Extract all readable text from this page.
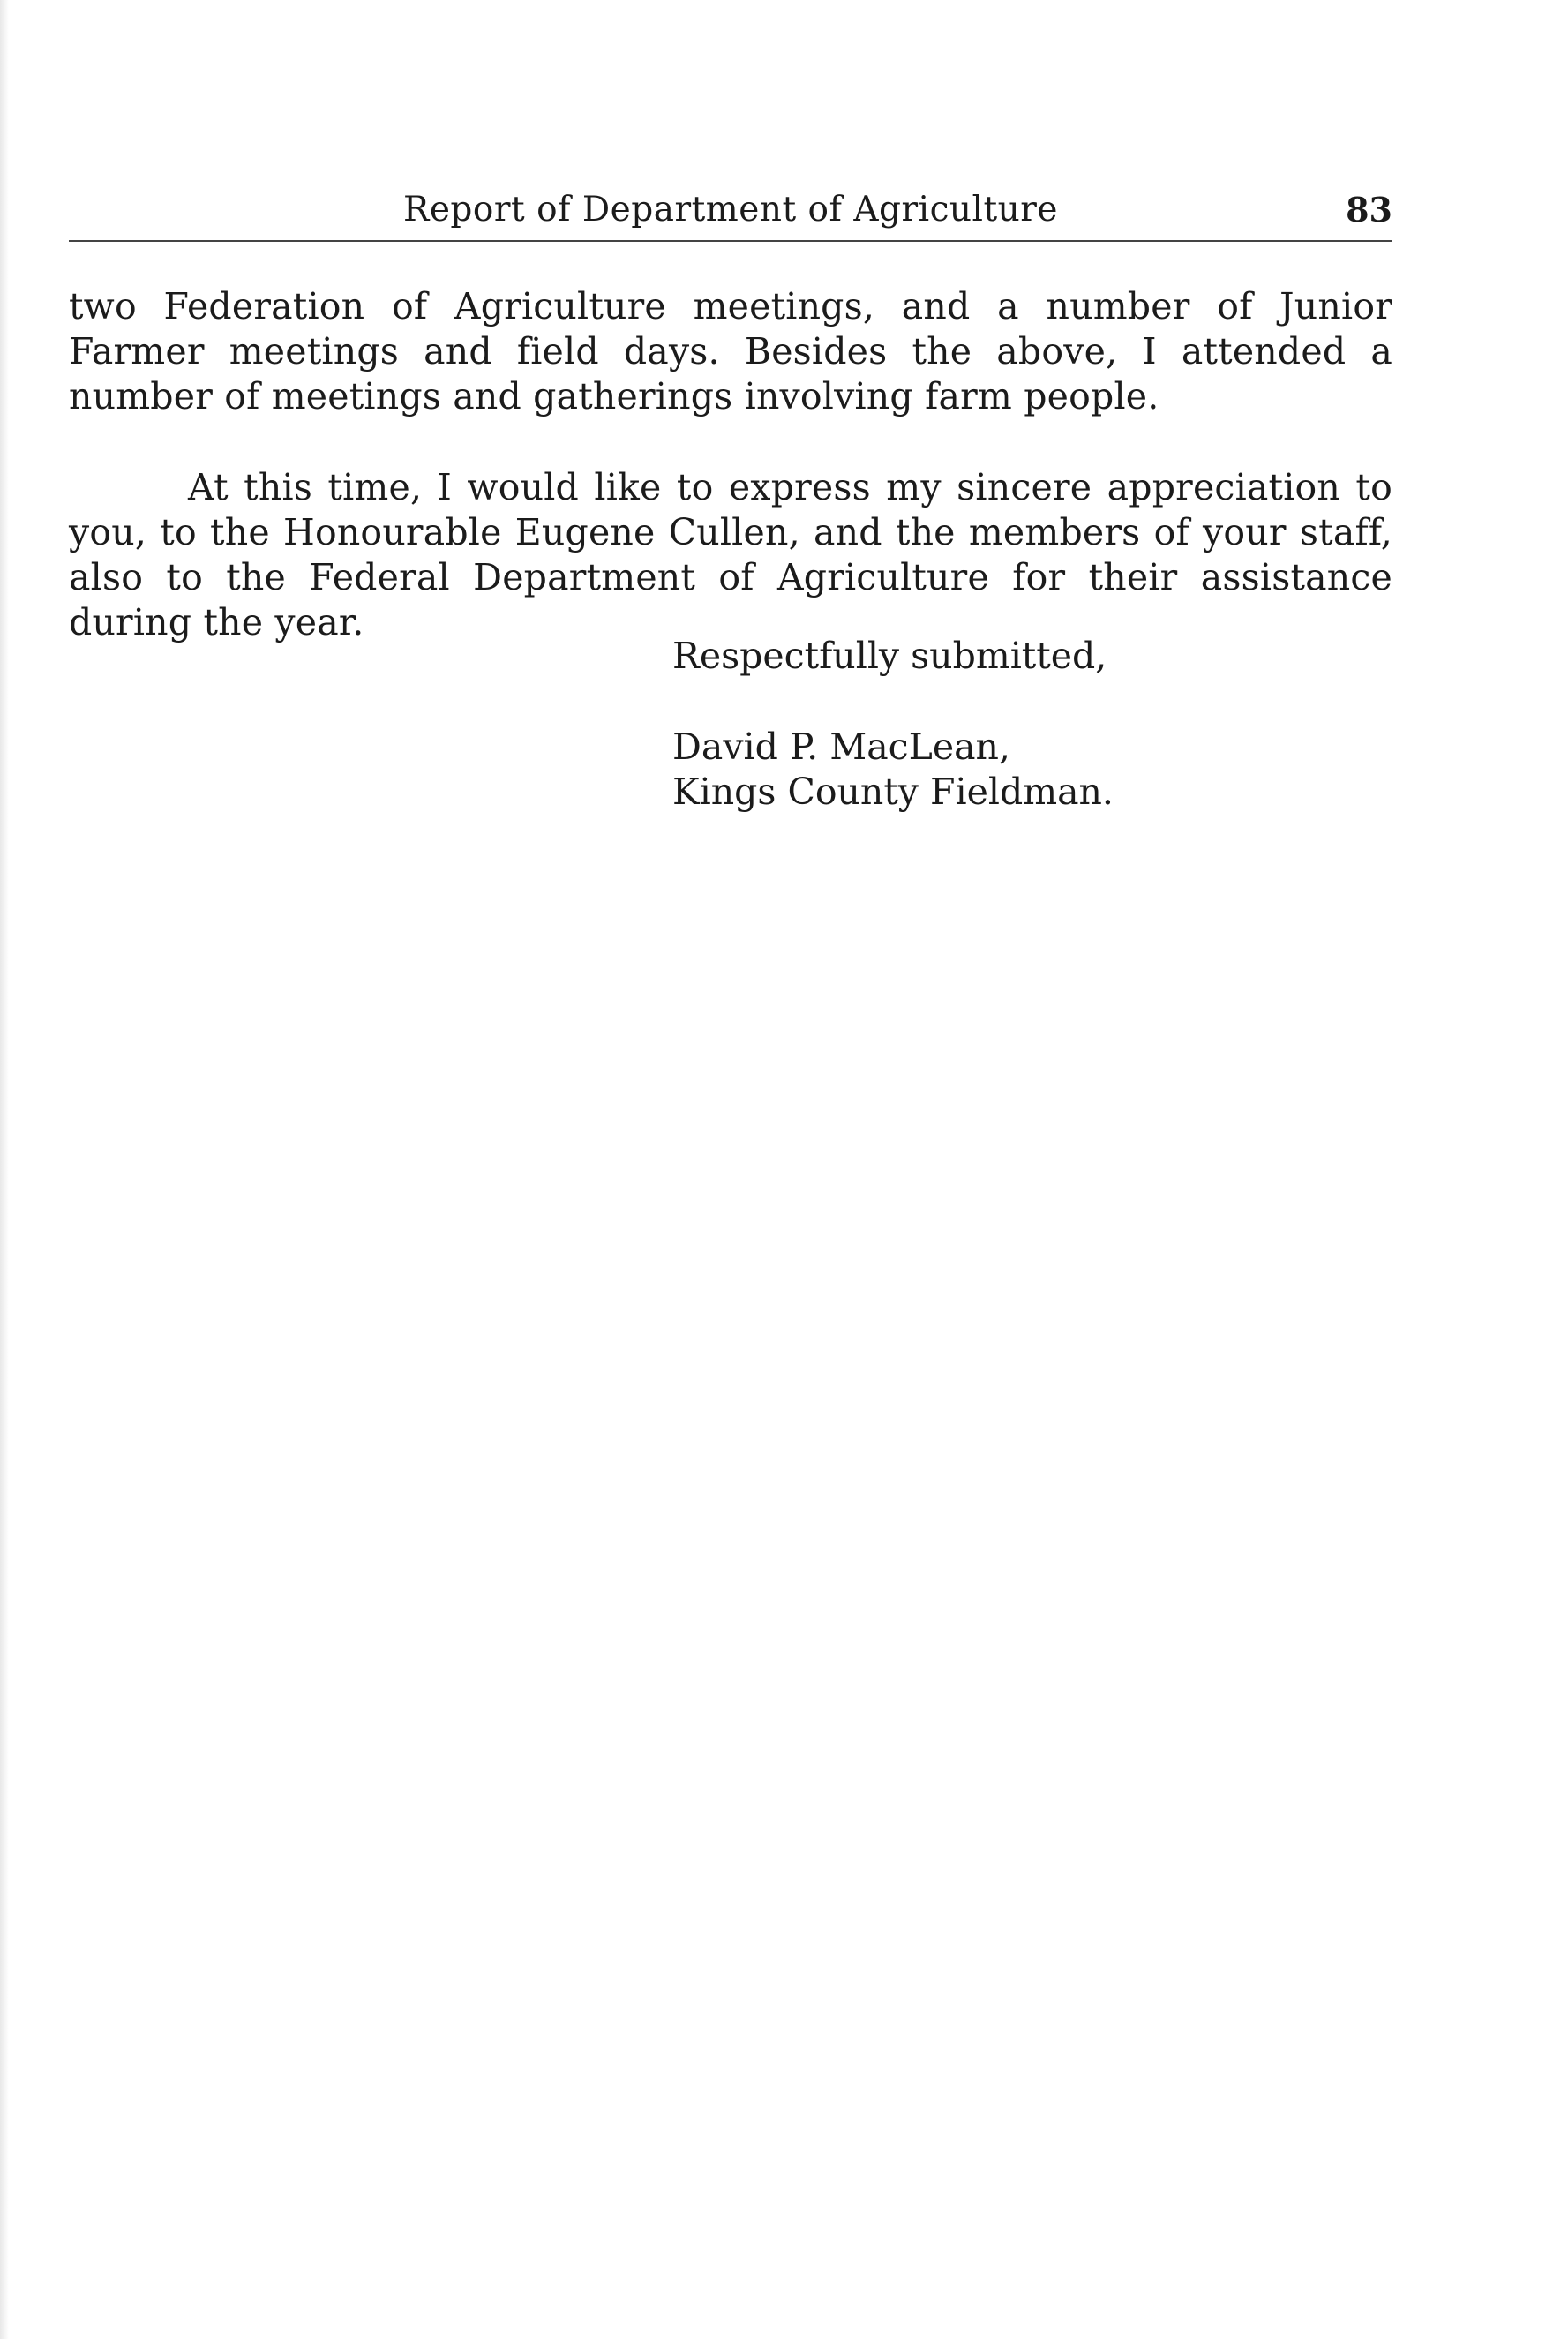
Report of Department of Agriculture	83

two Federation of Agriculture meetings, and a number of Junior Farmer meetings and field days. Besides the above, I attended a number of meetings and gatherings involving farm people.

At this time, I would like to express my sincere appreciation to you, to the Honourable Eugene Cullen, and the members of your staff, also to the Federal Department of Agriculture for their assistance during the year.

Respectfully submitted,
David P. MacLean,
Kings County Fieldman.
